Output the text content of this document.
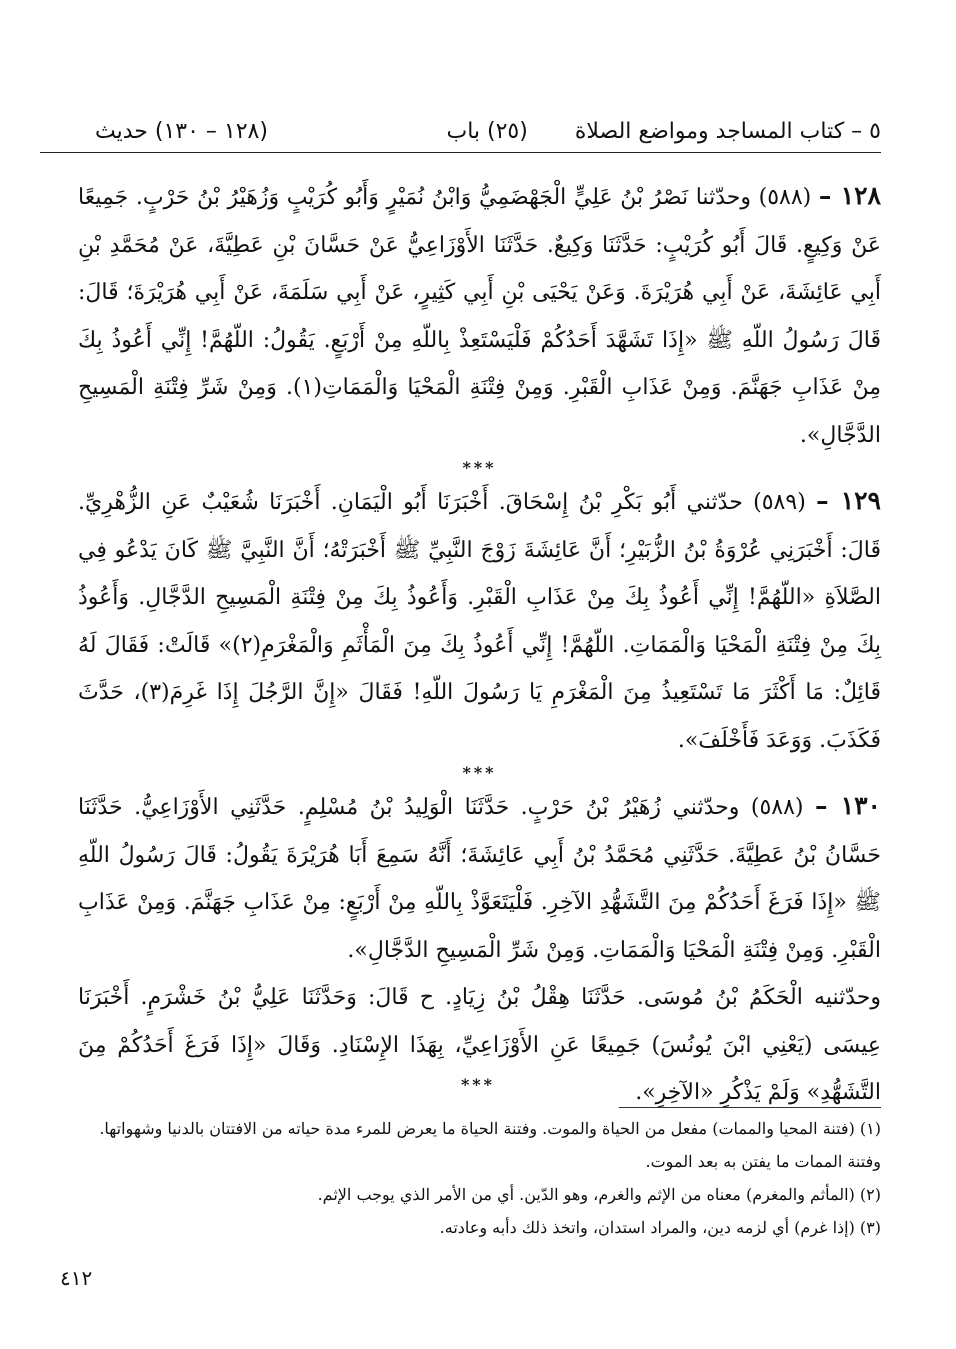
٥ – كتاب المساجد ومواضع الصلاة (٢٥) باب
(١٢٨ – ١٣٠) حديث

١٢٨ – (٥٨٨) وحدّثنا نَصْرُ بْنُ عَلِيٍّ الْجَهْضَمِيُّ وَابْنُ نُمَيْرٍ وَأَبُو كُرَيْبٍ وَزُهَيْرُ بْنُ حَرْبٍ. جَمِيعًا عَنْ وَكِيعٍ. قَالَ أَبُو كُرَيْبٍ: حَدَّثَنَا وَكِيعٌ. حَدَّثَنَا الأَوْزَاعِيُّ عَنْ حَسَّانَ بْنِ عَطِيَّةَ، عَنْ مُحَمَّدِ بْنِ أَبِي عَائِشَةَ، عَنْ أَبِي هُرَيْرَةَ. وَعَنْ يَحْيَى بْنِ أَبِي كَثِيرٍ، عَنْ أَبِي سَلَمَةَ، عَنْ أَبِي هُرَيْرَةَ؛ قَالَ: قَالَ رَسُولُ اللّهِ ﷺ «إِذَا تَشَهَّدَ أَحَدُكُمْ فَلْيَسْتَعِذْ بِاللّهِ مِنْ أَرْبَعٍ. يَقُولُ: اللّهُمَّ! إِنِّي أَعُوذُ بِكَ مِنْ عَذَابِ جَهَنَّمَ. وَمِنْ عَذَابِ الْقَبْرِ. وَمِنْ فِتْنَةِ الْمَحْيَا وَالْمَمَاتِ(١). وَمِنْ شَرِّ فِتْنَةِ الْمَسِيحِ الدَّجَّالِ».

***

١٢٩ – (٥٨٩) حدّثني أَبُو بَكْرِ بْنُ إِسْحَاقَ. أَخْبَرَنَا أَبُو الْيَمَانِ. أَخْبَرَنَا شُعَيْبٌ عَنِ الزُّهْرِيِّ. قَالَ: أَخْبَرَنِي عُرْوَةُ بْنُ الزُّبَيْرِ؛ أَنَّ عَائِشَةَ زَوْجَ النَّبِيِّ ﷺ أَخْبَرَتْهُ؛ أَنَّ النَّبِيَّ ﷺ كَانَ يَدْعُو فِي الصَّلاَةِ «اللّهُمَّ! إِنِّي أَعُوذُ بِكَ مِنْ عَذَابِ الْقَبْرِ. وَأَعُوذُ بِكَ مِنْ فِتْنَةِ الْمَسِيحِ الدَّجَّالِ. وَأَعُوذُ بِكَ مِنْ فِتْنَةِ الْمَحْيَا وَالْمَمَاتِ. اللّهُمَّ! إِنِّي أَعُوذُ بِكَ مِنَ الْمَأْثَمِ وَالْمَغْرَمِ(٢)» قَالَتْ: فَقَالَ لَهُ قَائِلٌ: مَا أَكْثَرَ مَا تَسْتَعِيذُ مِنَ الْمَغْرَمِ يَا رَسُولَ اللّهِ! فَقَالَ «إِنَّ الرَّجُلَ إِذَا غَرِمَ(٣)، حَدَّثَ فَكَذَبَ. وَوَعَدَ فَأَخْلَفَ».

***

١٣٠ – (٥٨٨) وحدّثني زُهَيْرُ بْنُ حَرْبٍ. حَدَّثَنَا الْوَلِيدُ بْنُ مُسْلِمٍ. حَدَّثَنِي الأَوْزَاعِيُّ. حَدَّثَنَا حَسَّانُ بْنُ عَطِيَّةَ. حَدَّثَنِي مُحَمَّدُ بْنُ أَبِي عَائِشَةَ؛ أَنَّهُ سَمِعَ أَبَا هُرَيْرَةَ يَقُولُ: قَالَ رَسُولُ اللّهِ ﷺ «إِذَا فَرَغَ أَحَدُكُمْ مِنَ التَّشَهُّدِ الآخِرِ. فَلْيَتَعَوَّذْ بِاللّهِ مِنْ أَرْبَعٍ: مِنْ عَذَابِ جَهَنَّمَ. وَمِنْ عَذَابِ الْقَبْرِ. وَمِنْ فِتْنَةِ الْمَحْيَا وَالْمَمَاتِ. وَمِنْ شَرِّ الْمَسِيحِ الدَّجَّالِ».

وحدّثنيه الْحَكَمُ بْنُ مُوسَى. حَدَّثَنَا هِقْلُ بْنُ زِيَادٍ. ح قَالَ: وَحَدَّثَنَا عَلِيُّ بْنُ خَشْرَمٍ. أَخْبَرَنَا عِيسَى (يَعْنِي ابْنَ يُونُسَ) جَمِيعًا عَنِ الأَوْزَاعِيِّ، بِهَذَا الإِسْنَادِ. وَقَالَ «إِذَا فَرَغَ أَحَدُكُمْ مِنَ التَّشَهُّدِ» وَلَمْ يَذْكُرِ «الآخِرِ».

***

(١) (فتنة المحيا والممات) مفعل من الحياة والموت. وفتنة الحياة ما يعرض للمرء مدة حياته من الافتتان بالدنيا وشهواتها.

وفتنة الممات ما يفتن به بعد الموت.

(٢) (المأثم والمغرم) معناه من الإثم والغرم، وهو الدّين. أي من الأمر الذي يوجب الإثم.

(٣) (إذا غرم) أي لزمه دين، والمراد استدان، واتخذ ذلك دأبه وعادته.

٤١٢
